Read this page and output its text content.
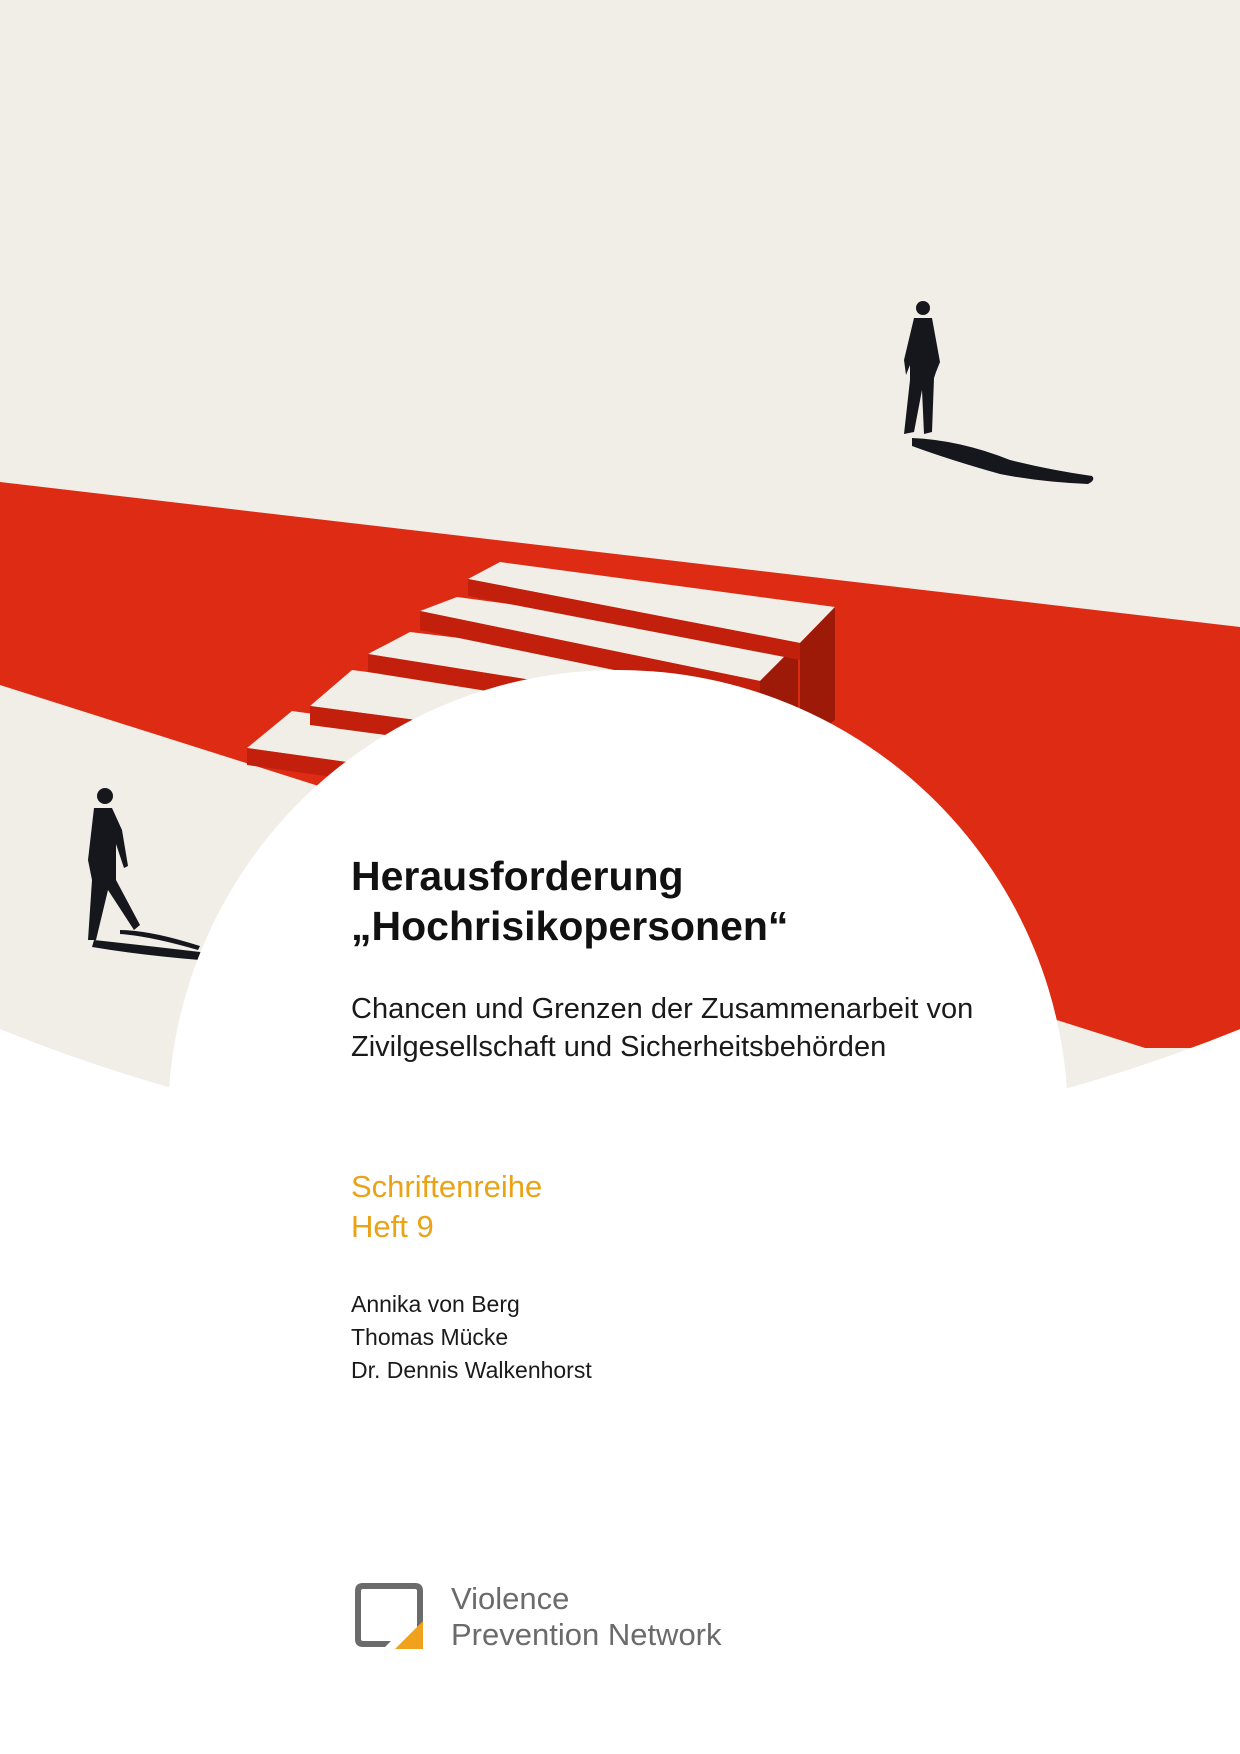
Herausforderung
„Hochrisikopersonen“
Chancen und Grenzen der Zusammenarbeit von
Zivilgesellschaft und Sicherheitsbehörden
Schriftenreihe
Heft 9
Annika von Berg
Thomas Mücke
Dr. Dennis Walkenhorst
Violence
Prevention Network
